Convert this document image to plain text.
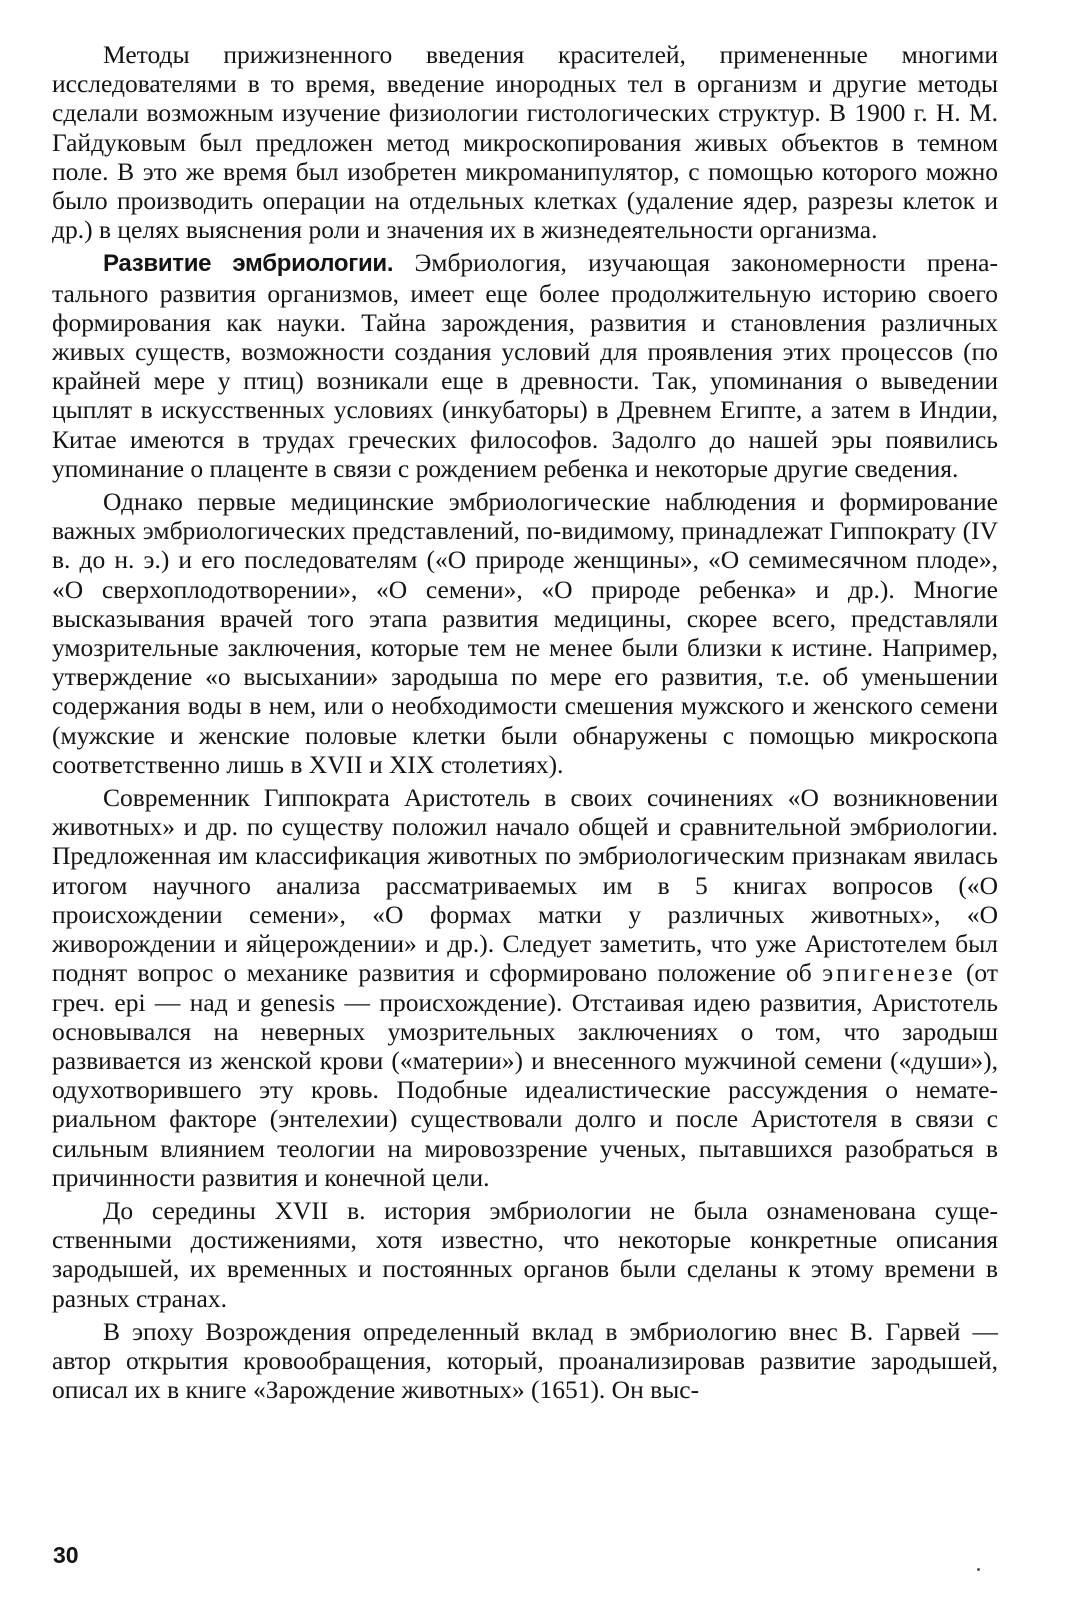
Методы прижизненного введения красителей, примененные многими исследователями в то время, введение инородных тел в организм и другие методы сделали возможным изучение физиологии гистологических структур. В 1900 г. Н. М. Гайдуковым был предложен метод микроскопирования живых объектов в темном поле. В это же время был изобретен микроманипулятор, с помощью которого можно было производить операции на отдельных клетках (удаление ядер, разрезы клеток и др.) в целях выяснения роли и значения их в жизнедеятельности организма.

Развитие эмбриологии. Эмбриология, изучающая закономерности пренатального развития организмов, имеет еще более продолжительную историю своего формирования как науки. Тайна зарождения, развития и становления различных живых существ, возможности создания условий для проявления этих процессов (по крайней мере у птиц) возникали еще в древности. Так, упоминания о выведении цыплят в искусственных условиях (инкубаторы) в Древнем Египте, а затем в Индии, Китае имеются в трудах греческих философов. Задолго до нашей эры появились упоминание о плаценте в связи с рождением ребенка и некоторые другие сведения.

Однако первые медицинские эмбриологические наблюдения и формирование важных эмбриологических представлений, по-видимому, принадлежат Гиппократу (IV в. до н. э.) и его последователям («О природе женщины», «О семимесячном плоде», «О сверхоплодотворении», «О семени», «О природе ребенка» и др.). Многие высказывания врачей того этапа развития медицины, скорее всего, представляли умозрительные заключения, которые тем не менее были близки к истине. Например, утверждение «о высыхании» зародыша по мере его развития, т.е. об уменьшении содержания воды в нем, или о необходимости смешения мужского и женского семени (мужские и женские половые клетки были обнаружены с помощью микроскопа соответственно лишь в XVII и XIX столетиях).

Современник Гиппократа Аристотель в своих сочинениях «О возникновении животных» и др. по существу положил начало общей и сравнительной эмбриологии. Предложенная им классификация животных по эмбриологическим признакам явилась итогом научного анализа рассматриваемых им в 5 книгах вопросов («О происхождении семени», «О формах матки у различных животных», «О живорождении и яйцерождении» и др.). Следует заметить, что уже Аристотелем был поднят вопрос о механике развития и сформировано положение об эпигенезе (от греч. epi — над и genesis — происхождение). Отстаивая идею развития, Аристотель основывался на неверных умозрительных заключениях о том, что зародыш развивается из женской крови («материи») и внесенного мужчиной семени («души»), одухотворившего эту кровь. Подобные идеалистические рассуждения о нематериальном факторе (энтелехии) существовали долго и после Аристотеля в связи с сильным влиянием теологии на мировоззрение ученых, пытавшихся разобраться в причинности развития и конечной цели.

До середины XVII в. история эмбриологии не была ознаменована существенными достижениями, хотя известно, что некоторые конкретные описания зародышей, их временных и постоянных органов были сделаны к этому времени в разных странах.

В эпоху Возрождения определенный вклад в эмбриологию внес В. Гарвей — автор открытия кровообращения, который, проанализировав развитие зародышей, описал их в книге «Зарождение животных» (1651). Он выс-

30
